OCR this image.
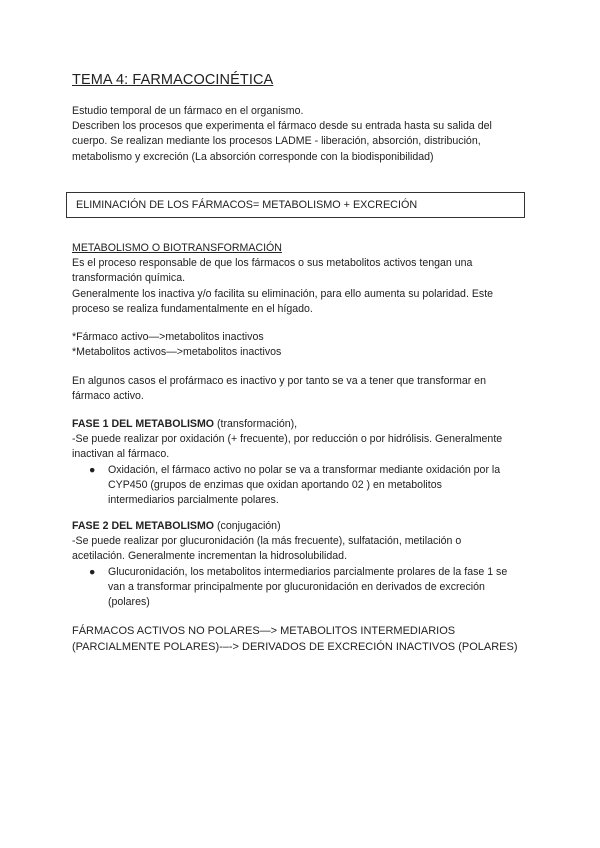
TEMA 4: FARMACOCINÉTICA
Estudio temporal de un fármaco en el organismo.
Describen los procesos que experimenta el fármaco desde su entrada hasta su salida del
cuerpo. Se realizan mediante los procesos LADME - liberación, absorción, distribución,
metabolismo y excreción (La absorción corresponde con la biodisponibilidad)
METABOLISMO O BIOTRANSFORMACIÓN
Es el proceso responsable de que los fármacos o sus metabolitos activos tengan una
transformación química.
Generalmente los inactiva y/o facilita su eliminación, para ello aumenta su polaridad. Este
proceso se realiza fundamentalmente en el hígado.
*Fármaco activo—>metabolitos inactivos
*Metabolitos activos—>metabolitos inactivos
En algunos casos el profármaco es inactivo y por tanto se va a tener que transformar en
fármaco activo.
FASE 1 DEL METABOLISMO (transformación),
-Se puede realizar por oxidación (+ frecuente), por reducción o por hidrólisis. Generalmente
inactivan al fármaco.
● Oxidación, el fármaco activo no polar se va a transformar mediante oxidación por la
CYP450 (grupos de enzimas que oxidan aportando 02 ) en metabolitos
intermediarios parcialmente polares.
FASE 2 DEL METABOLISMO (conjugación)
-Se puede realizar por glucuronidación (la más frecuente), sulfatación, metilación o
acetilación. Generalmente incrementan la hidrosolubilidad.
● Glucuronidación, los metabolitos intermediarios parcialmente prolares de la fase 1 se
van a transformar principalmente por glucuronidación en derivados de excreción
(polares)
FÁRMACOS ACTIVOS NO POLARES—> METABOLITOS INTERMEDIARIOS
(PARCIALMENTE POLARES)-–-> DERIVADOS DE EXCRECIÓN INACTIVOS (POLARES)
ELIMINACIÓN DE LOS FÁRMACOS= METABOLISMO + EXCRECIÓN
